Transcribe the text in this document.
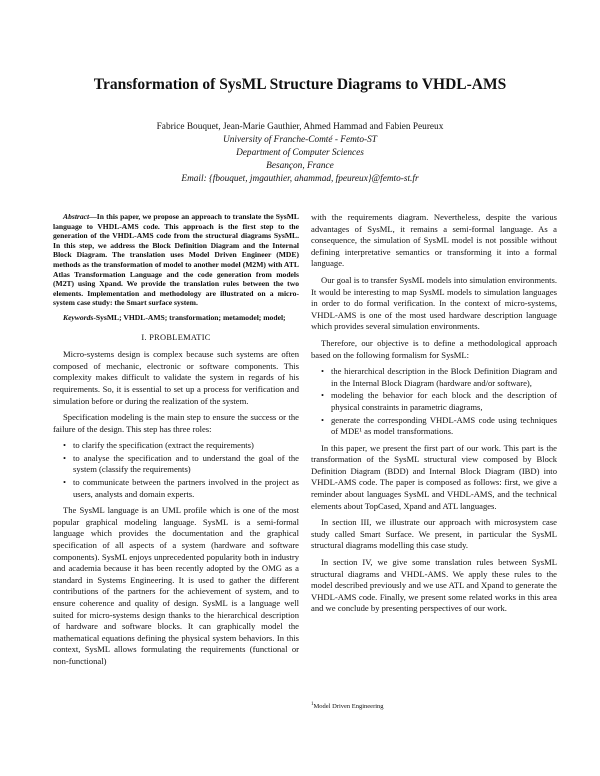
Transformation of SysML Structure Diagrams to VHDL-AMS
Fabrice Bouquet, Jean-Marie Gauthier, Ahmed Hammad and Fabien Peureux
University of Franche-Comté - Femto-ST
Department of Computer Sciences
Besançon, France
Email: {fbouquet, jmgauthier, ahammad, fpeureux}@femto-st.fr

Abstract—In this paper, we propose an approach to translate the SysML language to VHDL-AMS code. This approach is the first step to the generation of the VHDL-AMS code from the structural diagrams SysML. In this step, we address the Block Definition Diagram and the Internal Block Diagram. The translation uses Model Driven Engineer (MDE) methods as the transformation of model to another model (M2M) with ATL Atlas Transformation Language and the code generation from models (M2T) using Xpand. We provide the translation rules between the two elements. Implementation and methodology are illustrated on a micro-system case study: the Smart surface system.

Keywords-SysML; VHDL-AMS; transformation; metamodel; model;

I. PROBLEMATIC

Micro-systems design is complex because such systems are often composed of mechanic, electronic or software components. This complexity makes difficult to validate the system in regards of his requirements. So, it is essential to set up a process for verification and simulation before or during the realization of the system.

Specification modeling is the main step to ensure the success or the failure of the design. This step has three roles:

• to clarify the specification (extract the requirements)
• to analyse the specification and to understand the goal of the system (classify the requirements)
• to communicate between the partners involved in the project as users, analysts and domain experts.

The SysML language is an UML profile which is one of the most popular graphical modeling language. SysML is a semi-formal language which provides the documentation and the graphical specification of all aspects of a system (hardware and software components). SysML enjoys unprecedented popularity both in industry and academia because it has been recently adopted by the OMG as a standard in Systems Engineering. It is used to gather the different contributions of the partners for the achievement of system, and to ensure coherence and quality of design. SysML is a language well suited for micro-systems design thanks to the hierarchical description of hardware and software blocks. It can graphically model the mathematical equations defining the physical system behaviors. In this context, SysML allows formulating the requirements (functional or non-functional)

with the requirements diagram. Nevertheless, despite the various advantages of SysML, it remains a semi-formal language. As a consequence, the simulation of SysML model is not possible without defining interpretative semantics or transforming it into a formal language.

Our goal is to transfer SysML models into simulation environments. It would be interesting to map SysML models to simulation languages in order to do formal verification. In the context of micro-systems, VHDL-AMS is one of the most used hardware description language which provides several simulation environments.

Therefore, our objective is to define a methodological approach based on the following formalism for SysML:

• the hierarchical description in the Block Definition Diagram and in the Internal Block Diagram (hardware and/or software),
• modeling the behavior for each block and the description of physical constraints in parametric diagrams,
• generate the corresponding VHDL-AMS code using techniques of MDE¹ as model transformations.

In this paper, we present the first part of our work. This part is the transformation of the SysML structural view composed by Block Definition Diagram (BDD) and Internal Block Diagram (IBD) into VHDL-AMS code. The paper is composed as follows: first, we give a reminder about languages SysML and VHDL-AMS, and the technical elements about TopCased, Xpand and ATL languages.

In section III, we illustrate our approach with microsystem case study called Smart Surface. We present, in particular the SysML structural diagrams modelling this case study.

In section IV, we give some translation rules between SysML structural diagrams and VHDL-AMS. We apply these rules to the model described previously and we use ATL and Xpand to generate the VHDL-AMS code. Finally, we present some related works in this area and we conclude by presenting perspectives of our work.

$^1$Model Driven Engineering
